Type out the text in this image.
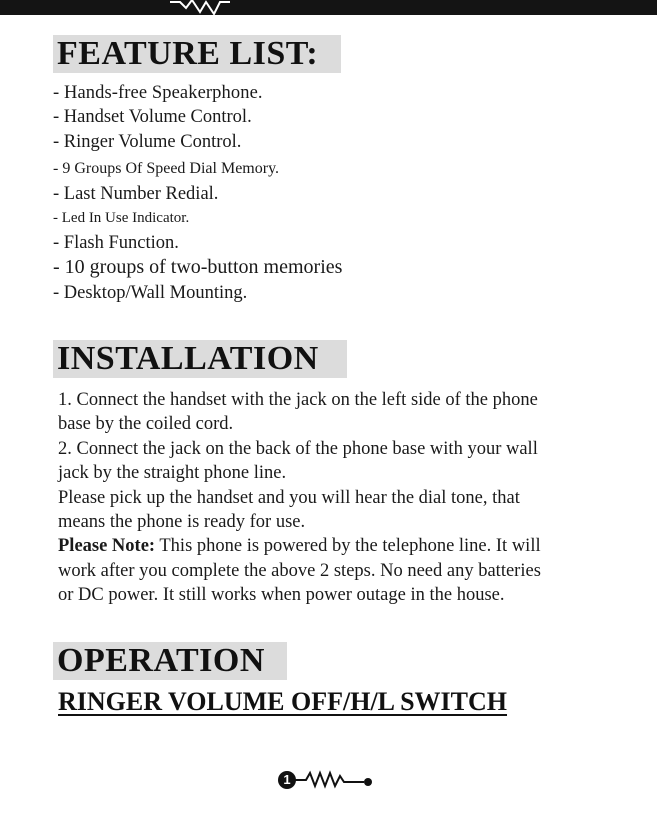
FEATURE LIST:
- Hands-free Speakerphone.
- Handset Volume Control.
- Ringer Volume Control.
- 9 Groups Of Speed Dial Memory.
- Last Number Redial.
- Led In Use Indicator.
- Flash Function.
- 10 groups of two-button memories
- Desktop/Wall Mounting.
INSTALLATION

1. Connect the handset with the jack on the left side of the phone

base by the coiled cord.

2. Connect the jack on the back of the phone base with your wall

jack by the straight phone line.

Please pick up the handset and you will hear the dial tone, that

means the phone is ready for use.

Please Note: This phone is powered by the telephone line. It will

work after you complete the above 2 steps. No need any batteries

or DC power. It still works when power outage in the house.

OPERATION
RINGER VOLUME OFF/H/L SWITCH
1
